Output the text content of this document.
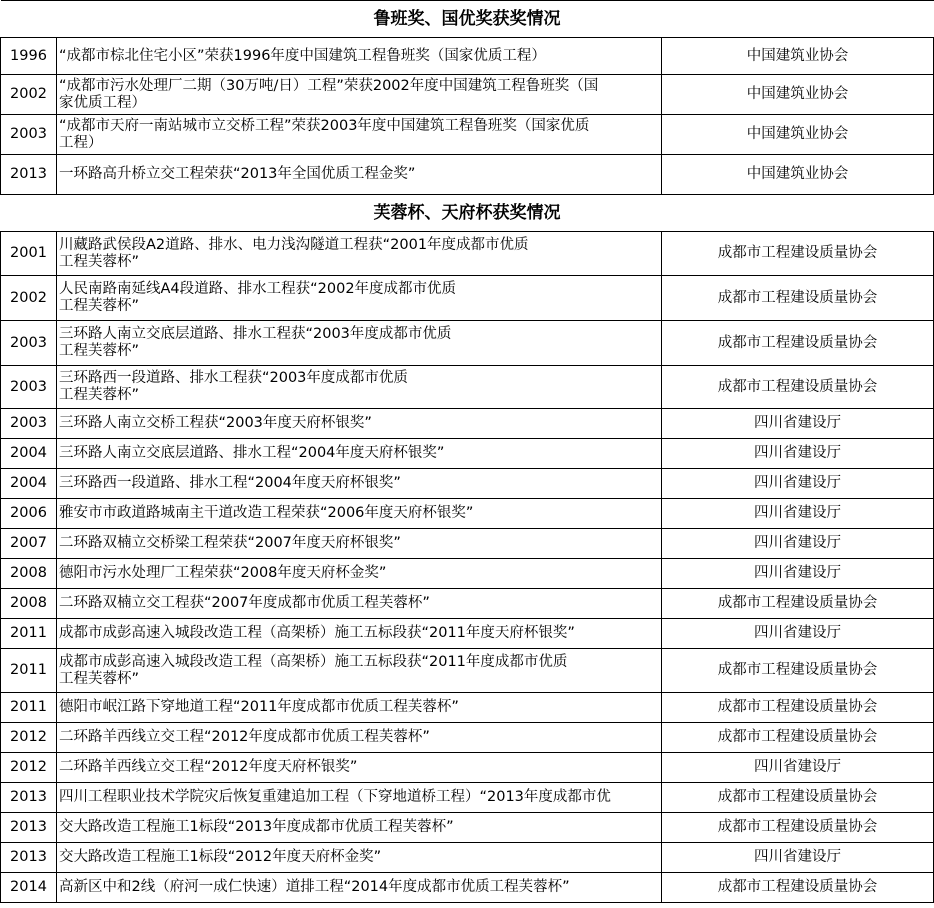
鲁班奖、国优奖获奖情况		
1996	“成都市棕北住宅小区”荣获1996年度中国建筑工程鲁班奖（国家优质工程）	中国建筑业协会
2002	“成都市污水处理厂二期（30万吨/日）工程”荣获2002年度中国建筑工程鲁班奖（国
家优质工程）	中国建筑业协会
2003	“成都市天府一南站城市立交桥工程”荣获2003年度中国建筑工程鲁班奖（国家优质
工程）	中国建筑业协会
2013	一环路高升桥立交工程荣获“2013年全国优质工程金奖”	中国建筑业协会
芙蓉杯、天府杯获奖情况		
2001	川藏路武侯段A2道路、排水、电力浅沟隧道工程获“2001年度成都市优质
工程芙蓉杯”	成都市工程建设质量协会
2002	人民南路南延线A4段道路、排水工程获“2002年度成都市优质
工程芙蓉杯”	成都市工程建设质量协会
2003	三环路人南立交底层道路、排水工程获“2003年度成都市优质
工程芙蓉杯”	成都市工程建设质量协会
2003	三环路西一段道路、排水工程获“2003年度成都市优质
工程芙蓉杯”	成都市工程建设质量协会
2003	三环路人南立交桥工程获“2003年度天府杯银奖”	四川省建设厅
2004	三环路人南立交底层道路、排水工程“2004年度天府杯银奖”	四川省建设厅
2004	三环路西一段道路、排水工程“2004年度天府杯银奖”	四川省建设厅
2006	雅安市市政道路城南主干道改造工程荣获“2006年度天府杯银奖”	四川省建设厅
2007	二环路双楠立交桥梁工程荣获“2007年度天府杯银奖”	四川省建设厅
2008	德阳市污水处理厂工程荣获“2008年度天府杯金奖”	四川省建设厅
2008	二环路双楠立交工程获“2007年度成都市优质工程芙蓉杯”	成都市工程建设质量协会
2011	成都市成彭高速入城段改造工程（高架桥）施工五标段获“2011年度天府杯银奖”	四川省建设厅
2011	成都市成彭高速入城段改造工程（高架桥）施工五标段获“2011年度成都市优质
工程芙蓉杯”	成都市工程建设质量协会
2011	德阳市岷江路下穿地道工程“2011年度成都市优质工程芙蓉杯”	成都市工程建设质量协会
2012	二环路羊西线立交工程“2012年度成都市优质工程芙蓉杯”	成都市工程建设质量协会
2012	二环路羊西线立交工程“2012年度天府杯银奖”	四川省建设厅
2013	四川工程职业技术学院灾后恢复重建追加工程（下穿地道桥工程）“2013年度成都市优	成都市工程建设质量协会
2013	交大路改造工程施工1标段“2013年度成都市优质工程芙蓉杯”	成都市工程建设质量协会
2013	交大路改造工程施工1标段“2012年度天府杯金奖”	四川省建设厅
2014	高新区中和2线（府河一成仁快速）道排工程“2014年度成都市优质工程芙蓉杯”	成都市工程建设质量协会
